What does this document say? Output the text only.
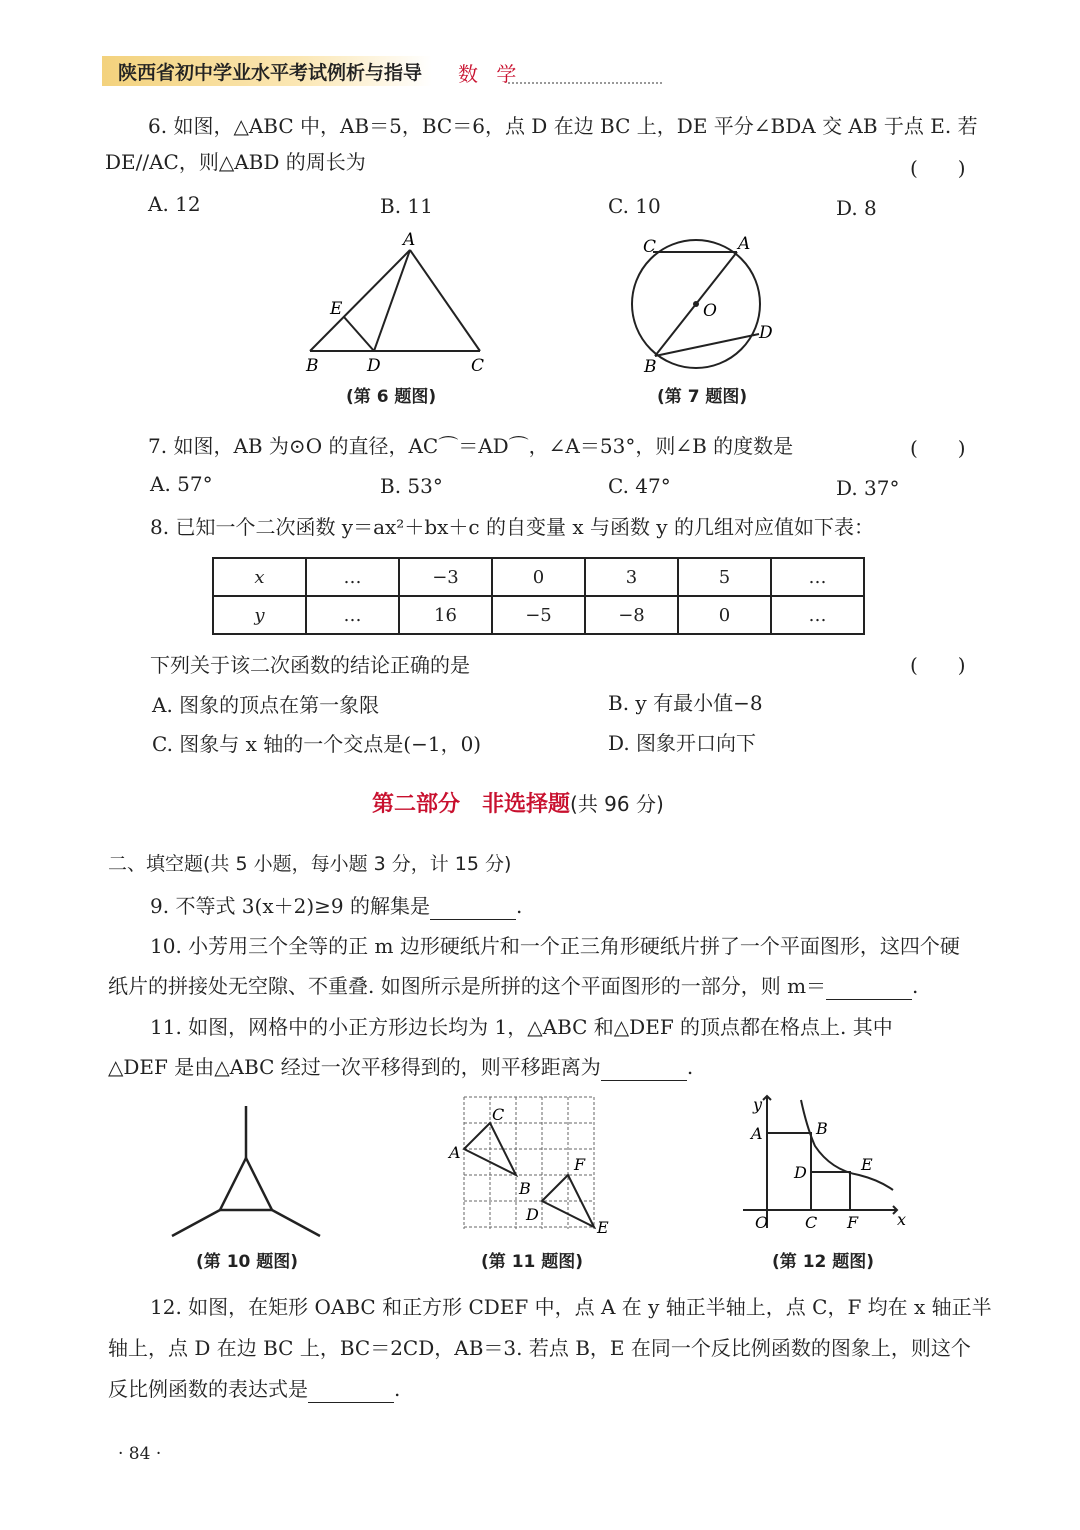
陕西省初中学业水平考试例析与指导 数 学
6. 如图，△ABC 中，AB＝5，BC＝6，点 D 在边 BC 上，DE 平分∠BDA 交 AB 于点 E. 若
DE//AC，则△ABD 的周长为	(　　)
A. 12	B. 11	C. 10	D. 8
A
B	C
D
E
(第 6 题图)
C	A
O
D
B
(第 7 题图)
7. 如图，AB 为⊙O 的直径，AC⌒＝AD⌒，∠A＝53°，则∠B 的度数是	(　　)
A. 57°	B. 53°	C. 47°	D. 37°
8. 已知一个二次函数 y＝ax²＋bx＋c 的自变量 x 与函数 y 的几组对应值如下表：
x	…	−3	0	3	5	…
y	…	16	−5	−8	0	…
下列关于该二次函数的结论正确的是	(　　)
A. 图象的顶点在第一象限	B. y 有最小值−8
C. 图象与 x 轴的一个交点是(−1，0)	D. 图象开口向下
第二部分　非选择题(共 96 分)
二、填空题(共 5 小题，每小题 3 分，计 15 分)
9. 不等式 3(x＋2)≥9 的解集是	.
10. 小芳用三个全等的正 m 边形硬纸片和一个正三角形硬纸片拼了一个平面图形，这四个硬
纸片的拼接处无空隙、不重叠. 如图所示是所拼的这个平面图形的一部分，则 m＝	.
11. 如图，网格中的小正方形边长均为 1，△ABC 和△DEF 的顶点都在格点上. 其中
△DEF 是由△ABC 经过一次平移得到的，则平移距离为	.
(第 10 题图)
C
A
B
F
D
E
(第 11 题图)
y
x
O
A	B
D	E
C F
(第 12 题图)
12. 如图，在矩形 OABC 和正方形 CDEF 中，点 A 在 y 轴正半轴上，点 C，F 均在 x 轴正半
轴上，点 D 在边 BC 上，BC＝2CD，AB＝3. 若点 B，E 在同一个反比例函数的图象上，则这个
反比例函数的表达式是	.
· 84 ·
